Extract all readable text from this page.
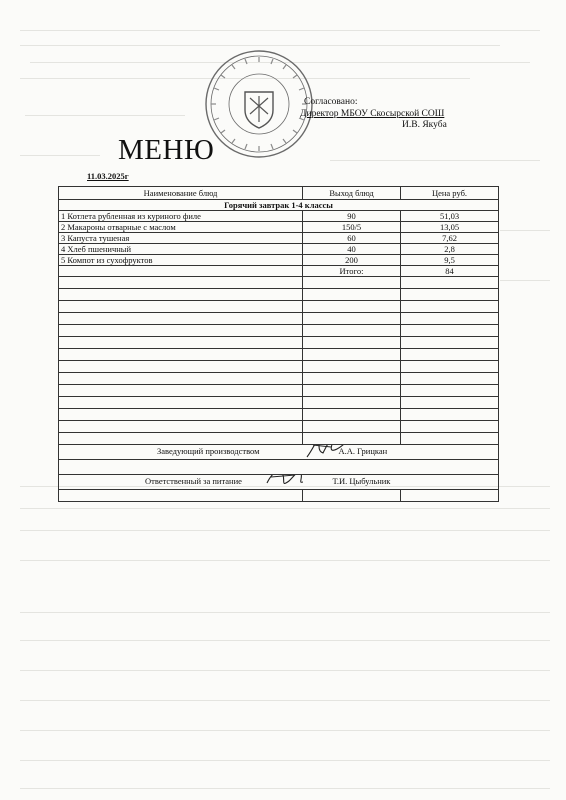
Согласовано:
Директор МБОУ Скосырской СОШ
И.В. Якуба
МЕНЮ
11.03.2025г
Наименование блюд	Выход блюд	Цена руб.
Горячий завтрак 1-4 классы		
1 Котлета рубленная из куриного филе	90	51,03
2 Макароны отварные с маслом	150/5	13,05
3 Капуста тушеная	60	7,62
4 Хлеб пшеничный	40	2,8
5 Компот из сухофруктов	200	9,5
	Итого:	84

Заведующий производством	А.А. Грицкан	

Ответственный за питание	Т.И. Цыбульник	
